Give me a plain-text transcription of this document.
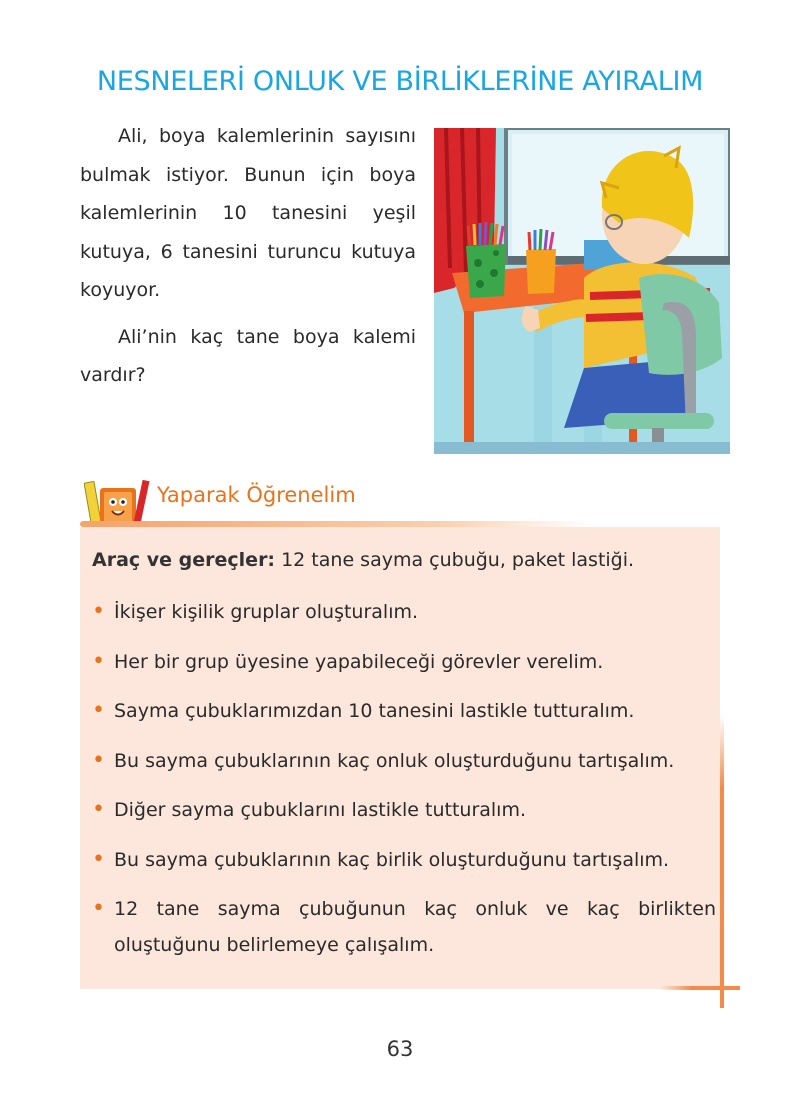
NESNELERİ ONLUK VE BİRLİKLERİNE AYIRALIM

Ali, boya kalemlerinin sayısını bulmak istiyor. Bunun için boya kalemlerinin 10 tanesini yeşil kutuya, 6 tanesini turuncu kutuya koyuyor.

Ali’nin kaç tane boya kalemi vardır?

Yaparak Öğrenelim
Araç ve gereçler: 12 tane sayma çubuğu, paket lastiği.
• İkişer kişilik gruplar oluşturalım.
• Her bir grup üyesine yapabileceği görevler verelim.
• Sayma çubuklarımızdan 10 tanesini lastikle tutturalım.
• Bu sayma çubuklarının kaç onluk oluşturduğunu tartışalım.
• Diğer sayma çubuklarını lastikle tutturalım.
• Bu sayma çubuklarının kaç birlik oluşturduğunu tartışalım.
• 12 tane sayma çubuğunun kaç onluk ve kaç birlikten oluştuğunu belirlemeye çalışalım.
63
